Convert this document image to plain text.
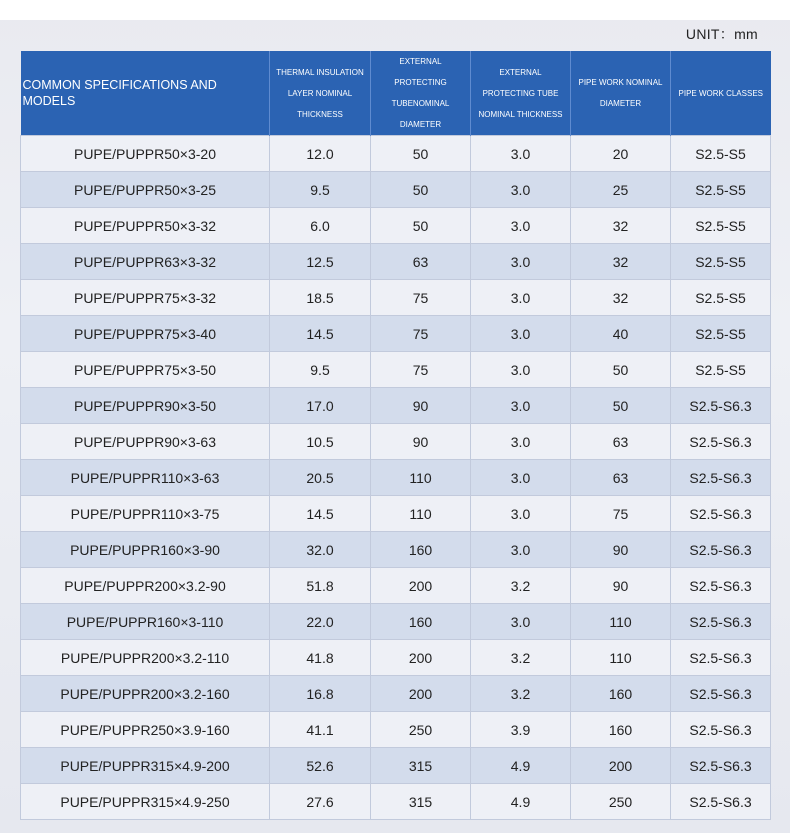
UNIT：mm
COMMON SPECIFICATIONS AND MODELS	THERMAL INSULATION LAYER NOMINAL THICKNESS	EXTERNAL PROTECTING TUBENOMINAL DIAMETER	EXTERNAL PROTECTING TUBE NOMINAL THICKNESS	PIPE WORK NOMINAL DIAMETER	PIPE WORK CLASSES
PUPE/PUPPR50×3-20	12.0	50	3.0	20	S2.5-S5
PUPE/PUPPR50×3-25	9.5	50	3.0	25	S2.5-S5
PUPE/PUPPR50×3-32	6.0	50	3.0	32	S2.5-S5
PUPE/PUPPR63×3-32	12.5	63	3.0	32	S2.5-S5
PUPE/PUPPR75×3-32	18.5	75	3.0	32	S2.5-S5
PUPE/PUPPR75×3-40	14.5	75	3.0	40	S2.5-S5
PUPE/PUPPR75×3-50	9.5	75	3.0	50	S2.5-S5
PUPE/PUPPR90×3-50	17.0	90	3.0	50	S2.5-S6.3
PUPE/PUPPR90×3-63	10.5	90	3.0	63	S2.5-S6.3
PUPE/PUPPR110×3-63	20.5	110	3.0	63	S2.5-S6.3
PUPE/PUPPR110×3-75	14.5	110	3.0	75	S2.5-S6.3
PUPE/PUPPR160×3-90	32.0	160	3.0	90	S2.5-S6.3
PUPE/PUPPR200×3.2-90	51.8	200	3.2	90	S2.5-S6.3
PUPE/PUPPR160×3-110	22.0	160	3.0	110	S2.5-S6.3
PUPE/PUPPR200×3.2-110	41.8	200	3.2	110	S2.5-S6.3
PUPE/PUPPR200×3.2-160	16.8	200	3.2	160	S2.5-S6.3
PUPE/PUPPR250×3.9-160	41.1	250	3.9	160	S2.5-S6.3
PUPE/PUPPR315×4.9-200	52.6	315	4.9	200	S2.5-S6.3
PUPE/PUPPR315×4.9-250	27.6	315	4.9	250	S2.5-S6.3
